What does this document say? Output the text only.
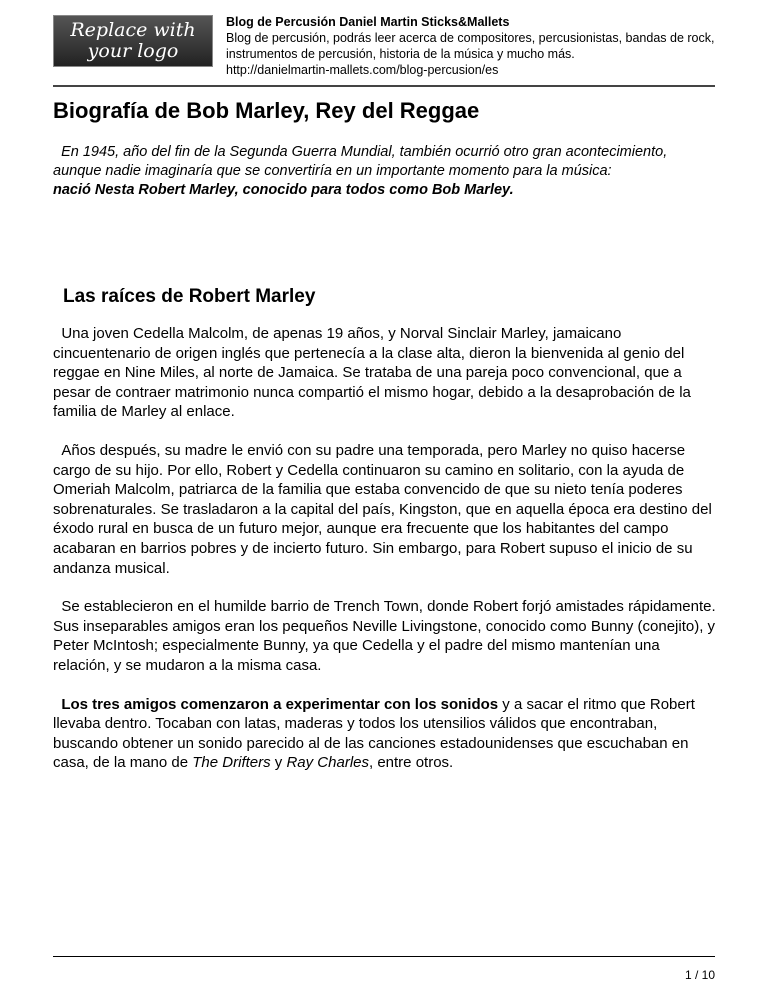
Replace with your logo
Blog de Percusión Daniel Martin Sticks&Mallets
Blog de percusión, podrás leer acerca de compositores, percusionistas, bandas de rock, instrumentos de percusión, historia de la música y mucho más.
http://danielmartin-mallets.com/blog-percusion/es
Biografía de Bob Marley, Rey del Reggae

En 1945, año del fin de la Segunda Guerra Mundial, también ocurrió otro gran acontecimiento, aunque nadie imaginaría que se convertiría en un importante momento para la música:
nació Nesta Robert Marley, conocido para todos como Bob Marley.

Las raíces de Robert Marley

Una joven Cedella Malcolm, de apenas 19 años, y Norval Sinclair Marley, jamaicano cincuentenario de origen inglés que pertenecía a la clase alta, dieron la bienvenida al genio del reggae en Nine Miles, al norte de Jamaica. Se trataba de una pareja poco convencional, que a pesar de contraer matrimonio nunca compartió el mismo hogar, debido a la desaprobación de la familia de Marley al enlace.

Años después, su madre le envió con su padre una temporada, pero Marley no quiso hacerse cargo de su hijo. Por ello, Robert y Cedella continuaron su camino en solitario, con la ayuda de Omeriah Malcolm, patriarca de la familia que estaba convencido de que su nieto tenía poderes sobrenaturales. Se trasladaron a la capital del país, Kingston, que en aquella época era destino del éxodo rural en busca de un futuro mejor, aunque era frecuente que los habitantes del campo acabaran en barrios pobres y de incierto futuro. Sin embargo, para Robert supuso el inicio de su andanza musical.

Se establecieron en el humilde barrio de Trench Town, donde Robert forjó amistades rápidamente. Sus inseparables amigos eran los pequeños Neville Livingstone, conocido como Bunny (conejito), y Peter McIntosh; especialmente Bunny, ya que Cedella y el padre del mismo mantenían una relación, y se mudaron a la misma casa.

Los tres amigos comenzaron a experimentar con los sonidos y a sacar el ritmo que Robert llevaba dentro. Tocaban con latas, maderas y todos los utensilios válidos que encontraban, buscando obtener un sonido parecido al de las canciones estadounidenses que escuchaban en casa, de la mano de The Drifters y Ray Charles, entre otros.

1 / 10
